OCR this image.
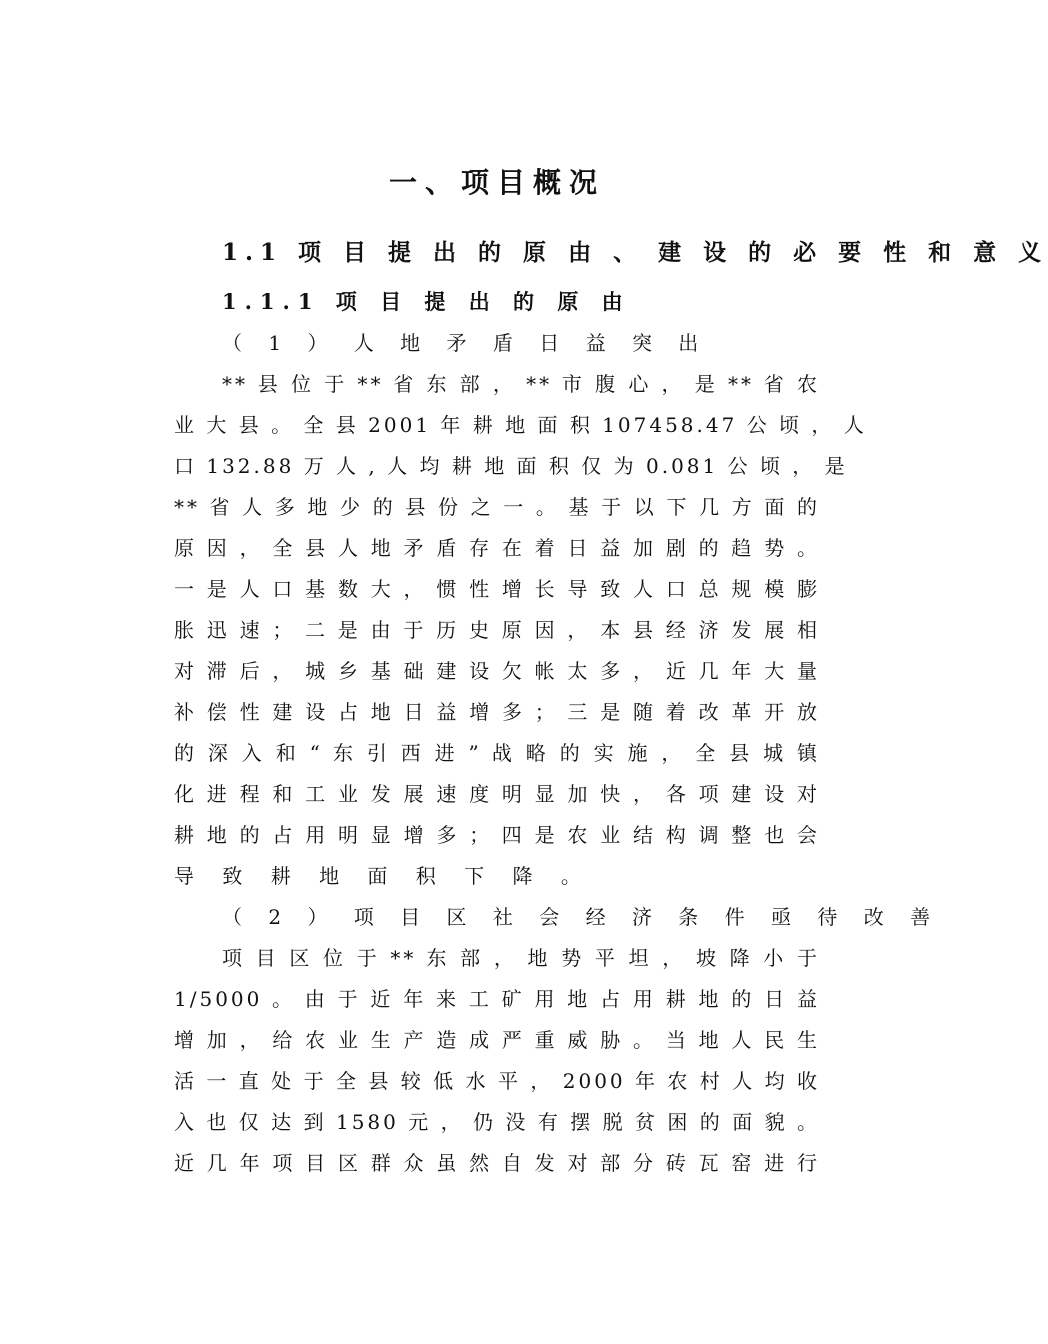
一、项目概况
1.1 项 目 提 出 的 原 由 、 建 设 的 必 要 性 和 意 义
1.1.1 项 目 提 出 的 原 由
（ 1 ） 人 地 矛 盾 日 益 突 出
** 县 位 于 ** 省 东 部 ， ** 市 腹 心 ， 是 ** 省 农
业 大 县 。 全 县 2001 年 耕 地 面 积 107458.47 公 顷 ， 人
口 132.88 万 人 , 人 均 耕 地 面 积 仅 为 0.081 公 顷 ， 是
** 省 人 多 地 少 的 县 份 之 一 。 基 于 以 下 几 方 面 的
原 因 ， 全 县 人 地 矛 盾 存 在 着 日 益 加 剧 的 趋 势 。
一 是 人 口 基 数 大 ， 惯 性 增 长 导 致 人 口 总 规 模 膨
胀 迅 速 ； 二 是 由 于 历 史 原 因 ， 本 县 经 济 发 展 相
对 滞 后 ， 城 乡 基 础 建 设 欠 帐 太 多 ， 近 几 年 大 量
补 偿 性 建 设 占 地 日 益 增 多 ； 三 是 随 着 改 革 开 放
的 深 入 和 “ 东 引 西 进 ” 战 略 的 实 施 ， 全 县 城 镇
化 进 程 和 工 业 发 展 速 度 明 显 加 快 ， 各 项 建 设 对
耕 地 的 占 用 明 显 增 多 ； 四 是 农 业 结 构 调 整 也 会
导 致 耕 地 面 积 下 降 。
（ 2 ） 项 目 区 社 会 经 济 条 件 亟 待 改 善
项 目 区 位 于 ** 东 部 ， 地 势 平 坦 ， 坡 降 小 于
1/5000 。 由 于 近 年 来 工 矿 用 地 占 用 耕 地 的 日 益
增 加 ， 给 农 业 生 产 造 成 严 重 威 胁 。 当 地 人 民 生
活 一 直 处 于 全 县 较 低 水 平 ， 2000 年 农 村 人 均 收
入 也 仅 达 到 1580 元 ， 仍 没 有 摆 脱 贫 困 的 面 貌 。
近 几 年 项 目 区 群 众 虽 然 自 发 对 部 分 砖 瓦 窑 进 行
